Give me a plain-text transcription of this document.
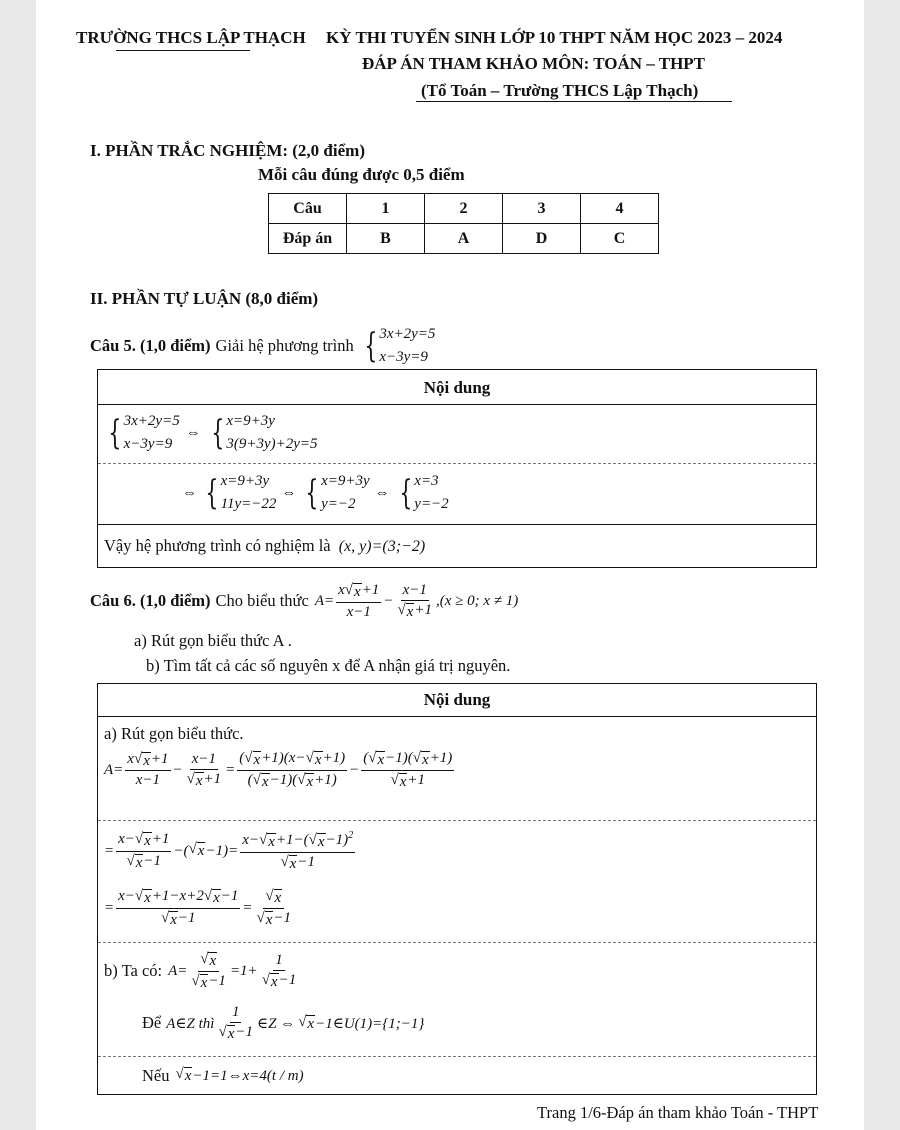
TRƯỜNG THCS LẬP THẠCH KỲ THI TUYỂN SINH LỚP 10 THPT NĂM HỌC 2023 – 2024
ĐÁP ÁN THAM KHẢO MÔN: TOÁN – THPT
(Tổ Toán – Trường THCS Lập Thạch)
I. PHẦN TRẮC NGHIỆM: (2,0 điểm)
Mỗi câu đúng được 0,5 điểm
Câu	1	2	3	4
Đáp án	B	A	D	C
II. PHẦN TỰ LUẬN (8,0 điểm)
Câu 5. (1,0 điểm) Giải hệ phương trình { 3x+2y=5
x−3y=9
Nội dung
{ 3x+2y=5
x−3y=9
⇔ { x=9+3y
3(9+3y)+2y=5
⇔ { x=9+3y
11y=−22
⇔ { x=9+3y
y=−2
⇔ { x=3
y=−2
Vậy hệ phương trình có nghiệm là (x, y)=(3;−2)
Câu 6. (1,0 điểm) Cho biểu thức $A= \frac{x √ x +1}{x-1} - \frac{x-1}{√ x +1} ,(x \ge 0$; x ≠ 1)
a) Rút gọn biểu thức A .
b) Tìm tất cả các số nguyên x để A nhận giá trị nguyên.
Nội dung
a) Rút gọn biểu thức.
$A= \frac{x √ x +1}{x-1} - \frac{x-1}{√ x +1} = \frac{( √ x +1)(x- √ x +1)}{( √ x -1)( √ x +1)} - \frac{( √ x -1)( √ x +1)}{√ x +1}$
= $\frac{x- √ x +1}{√ x -1}$ −( √ $x -1)= \frac{x- √ x +1-( √ x -1)^2}{√ x -1}$
= $\frac{x- √ x +1-x+2 √ x -1}{√ x -1} = \frac{√ x}{√ x -1}$
b) Ta có: $A= \frac{√ x}{√ x -1} =1+ \frac{1}{√ x -1}$
Để A∈Z thì $\frac{1}{√ x -1}$ ∈Z ⇔ √ x −1∈U(1)={1;−1}
Nếu √ x −1=1⇔x=4(t / m)
Trang 1/6-Đáp án tham khảo Toán - THPT
